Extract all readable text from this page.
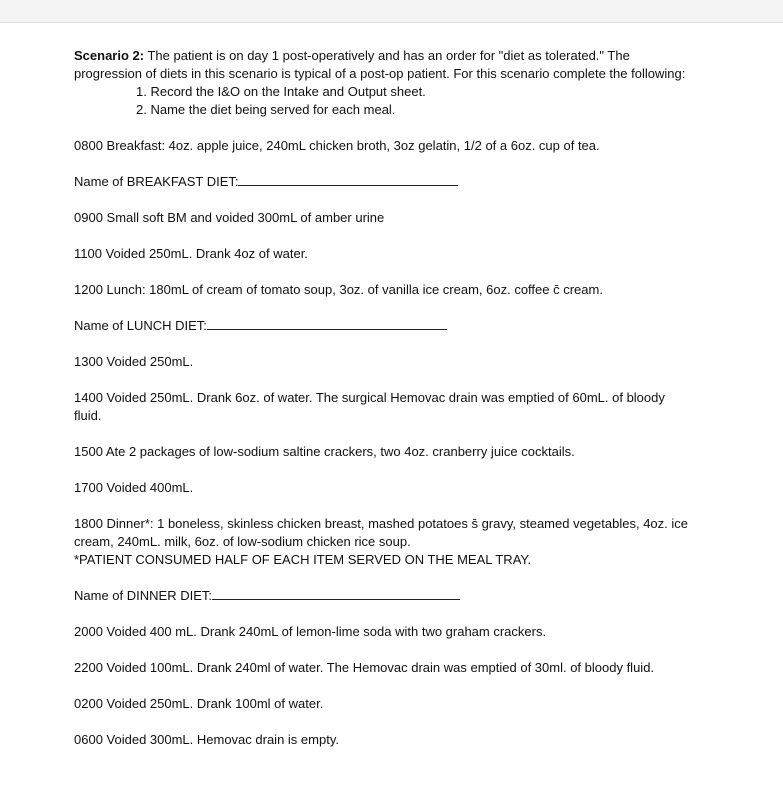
Scenario 2: The patient is on day 1 post-operatively and has an order for "diet as tolerated." The progression of diets in this scenario is typical of a post-op patient. For this scenario complete the following:

1. Record the I&O on the Intake and Output sheet.
2. Name the diet being served for each meal.

0800 Breakfast: 4oz. apple juice, 240mL chicken broth, 3oz gelatin, 1/2 of a 6oz. cup of tea.

Name of BREAKFAST DIET:

0900 Small soft BM and voided 300mL of amber urine

1100 Voided 250mL. Drank 4oz of water.

1200 Lunch: 180mL of cream of tomato soup, 3oz. of vanilla ice cream, 6oz. coffee c̄ cream.

Name of LUNCH DIET:

1300 Voided 250mL.

1400 Voided 250mL. Drank 6oz. of water. The surgical Hemovac drain was emptied of 60mL. of bloody fluid.

1500 Ate 2 packages of low-sodium saltine crackers, two 4oz. cranberry juice cocktails.

1700 Voided 400mL.

1800 Dinner*: 1 boneless, skinless chicken breast, mashed potatoes s̄ gravy, steamed vegetables, 4oz. ice cream, 240mL. milk, 6oz. of low-sodium chicken rice soup.

*PATIENT CONSUMED HALF OF EACH ITEM SERVED ON THE MEAL TRAY.

Name of DINNER DIET:

2000 Voided 400 mL. Drank 240mL of lemon-lime soda with two graham crackers.

2200 Voided 100mL. Drank 240ml of water. The Hemovac drain was emptied of 30ml. of bloody fluid.

0200 Voided 250mL. Drank 100ml of water.

0600 Voided 300mL. Hemovac drain is empty.
